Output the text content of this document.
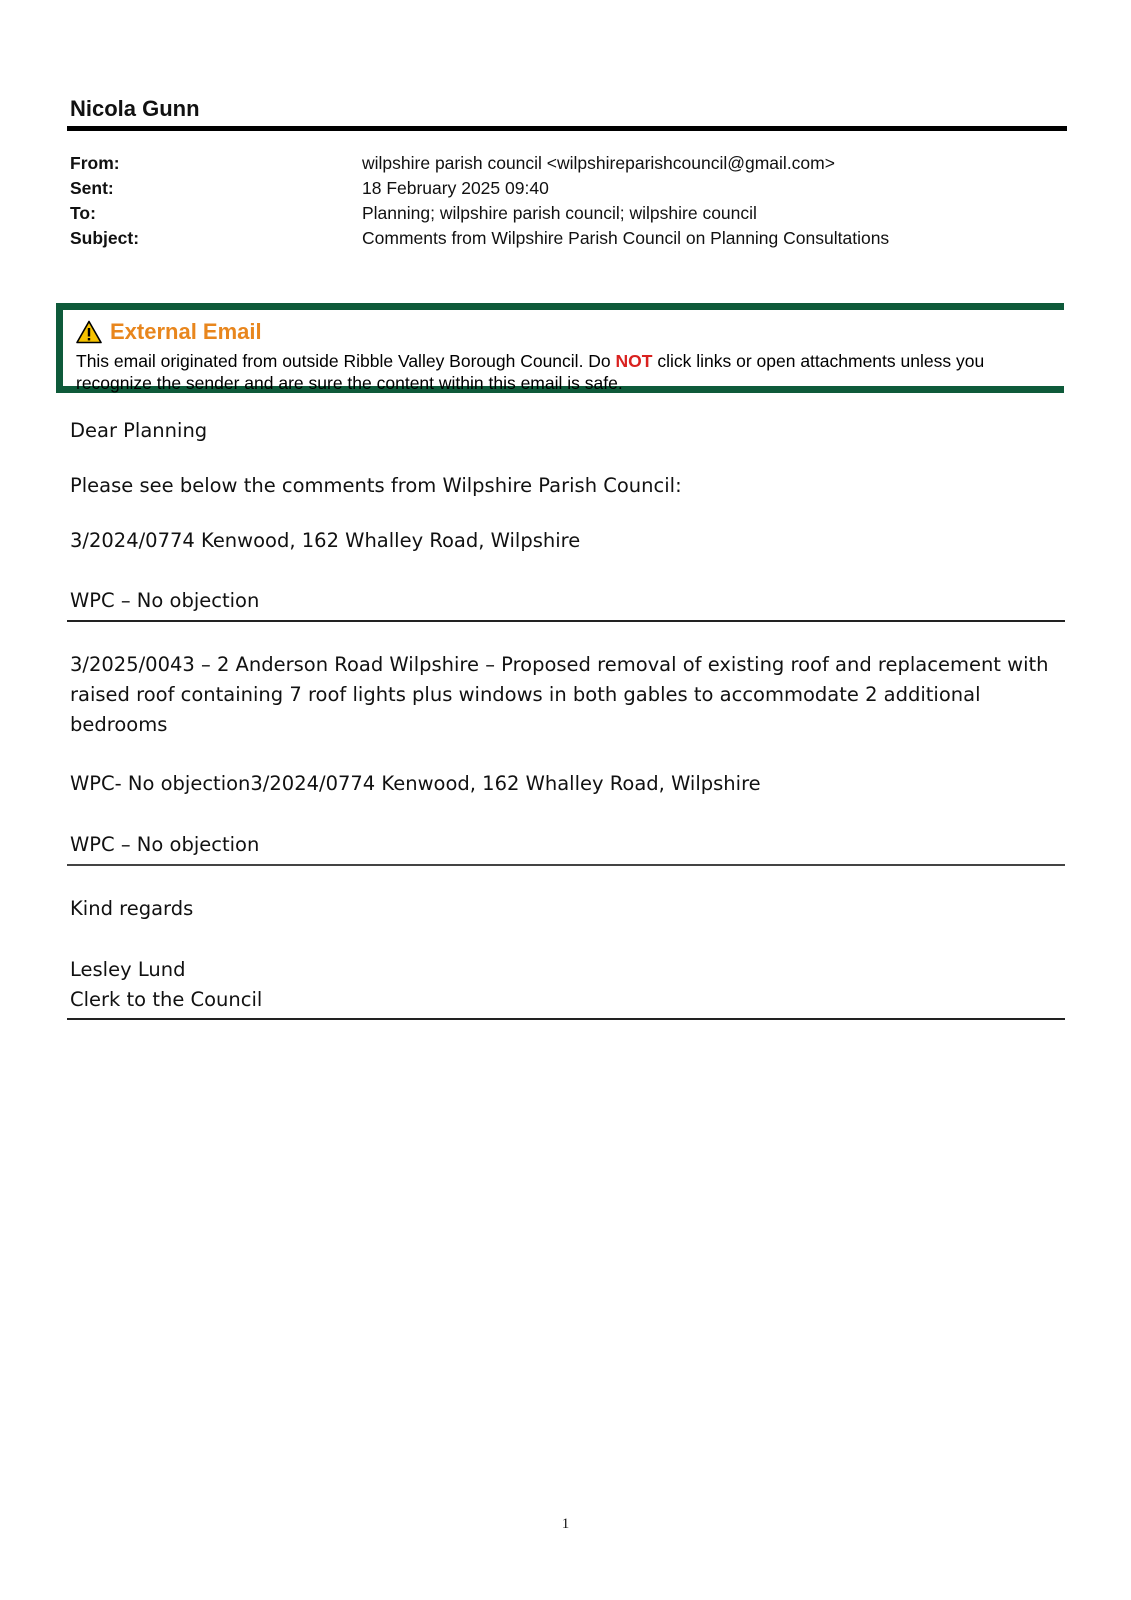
Nicola Gunn
From:	wilpshire parish council <wilpshireparishcouncil@gmail.com>
Sent:	18 February 2025 09:40
To:	Planning; wilpshire parish council; wilpshire council
Subject:	Comments from Wilpshire Parish Council on Planning Consultations
External Email
This email originated from outside Ribble Valley Borough Council. Do NOT click links or open attachments unless you recognize the sender and are sure the content within this email is safe.
Dear Planning
Please see below the comments from Wilpshire Parish Council:
3/2024/0774 Kenwood, 162 Whalley Road, Wilpshire
WPC – No objection
3/2025/0043 – 2 Anderson Road Wilpshire – Proposed removal of existing roof and replacement with raised roof containing 7 roof lights plus windows in both gables to accommodate 2 additional bedrooms
WPC- No objection3/2024/0774 Kenwood, 162 Whalley Road, Wilpshire
WPC – No objection
Kind regards
Lesley Lund
Clerk to the Council
1
